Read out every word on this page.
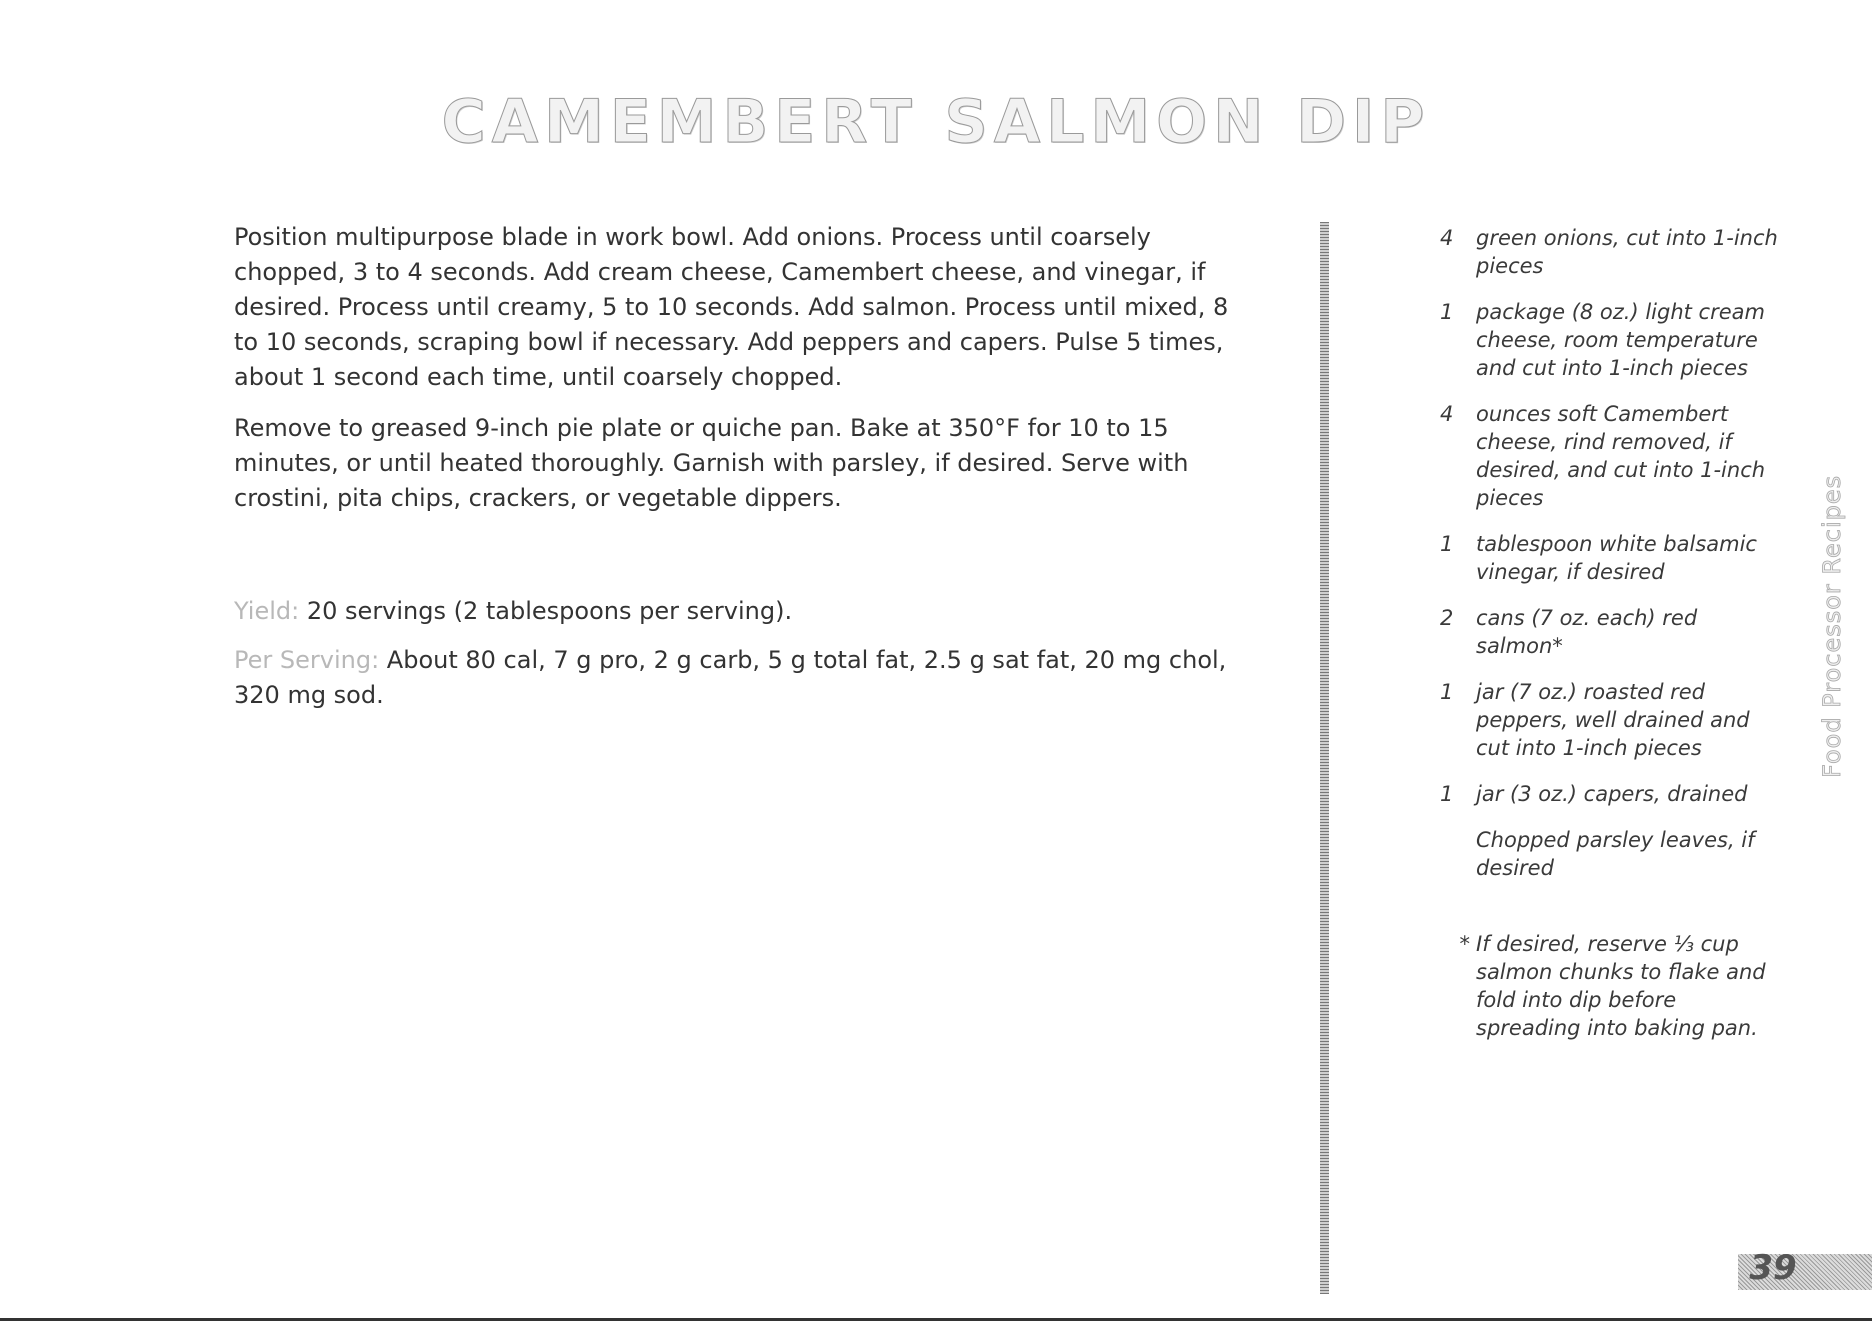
CAMEMBERT SALMON DIP

Position multipurpose blade in work bowl. Add onions. Process until coarsely chopped, 3 to 4 seconds. Add cream cheese, Camembert cheese, and vinegar, if desired. Process until creamy, 5 to 10 seconds. Add salmon. Process until mixed, 8 to 10 seconds, scraping bowl if necessary. Add peppers and capers. Pulse 5 times, about 1 second each time, until coarsely chopped.

Remove to greased 9-inch pie plate or quiche pan. Bake at 350°F for 10 to 15 minutes, or until heated thoroughly. Garnish with parsley, if desired. Serve with crostini, pita chips, crackers, or vegetable dippers.

Yield: 20 servings (2 tablespoons per serving).

Per Serving: About 80 cal, 7 g pro, 2 g carb, 5 g total fat, 2.5 g sat fat, 20 mg chol, 320 mg sod.

4	green onions, cut into 1-inch pieces
1	package (8 oz.) light cream cheese, room temperature and cut into 1-inch pieces
4	ounces soft Camembert cheese, rind removed, if desired, and cut into 1-inch pieces
1	tablespoon white balsamic vinegar, if desired
2	cans (7 oz. each) red salmon*
1	jar (7 oz.) roasted red peppers, well drained and cut into 1-inch pieces
1	jar (3 oz.) capers, drained
Chopped parsley leaves, if desired
* If desired, reserve ⅓ cup salmon chunks to flake and fold into dip before spreading into baking pan.
Food Processor Recipes
39
